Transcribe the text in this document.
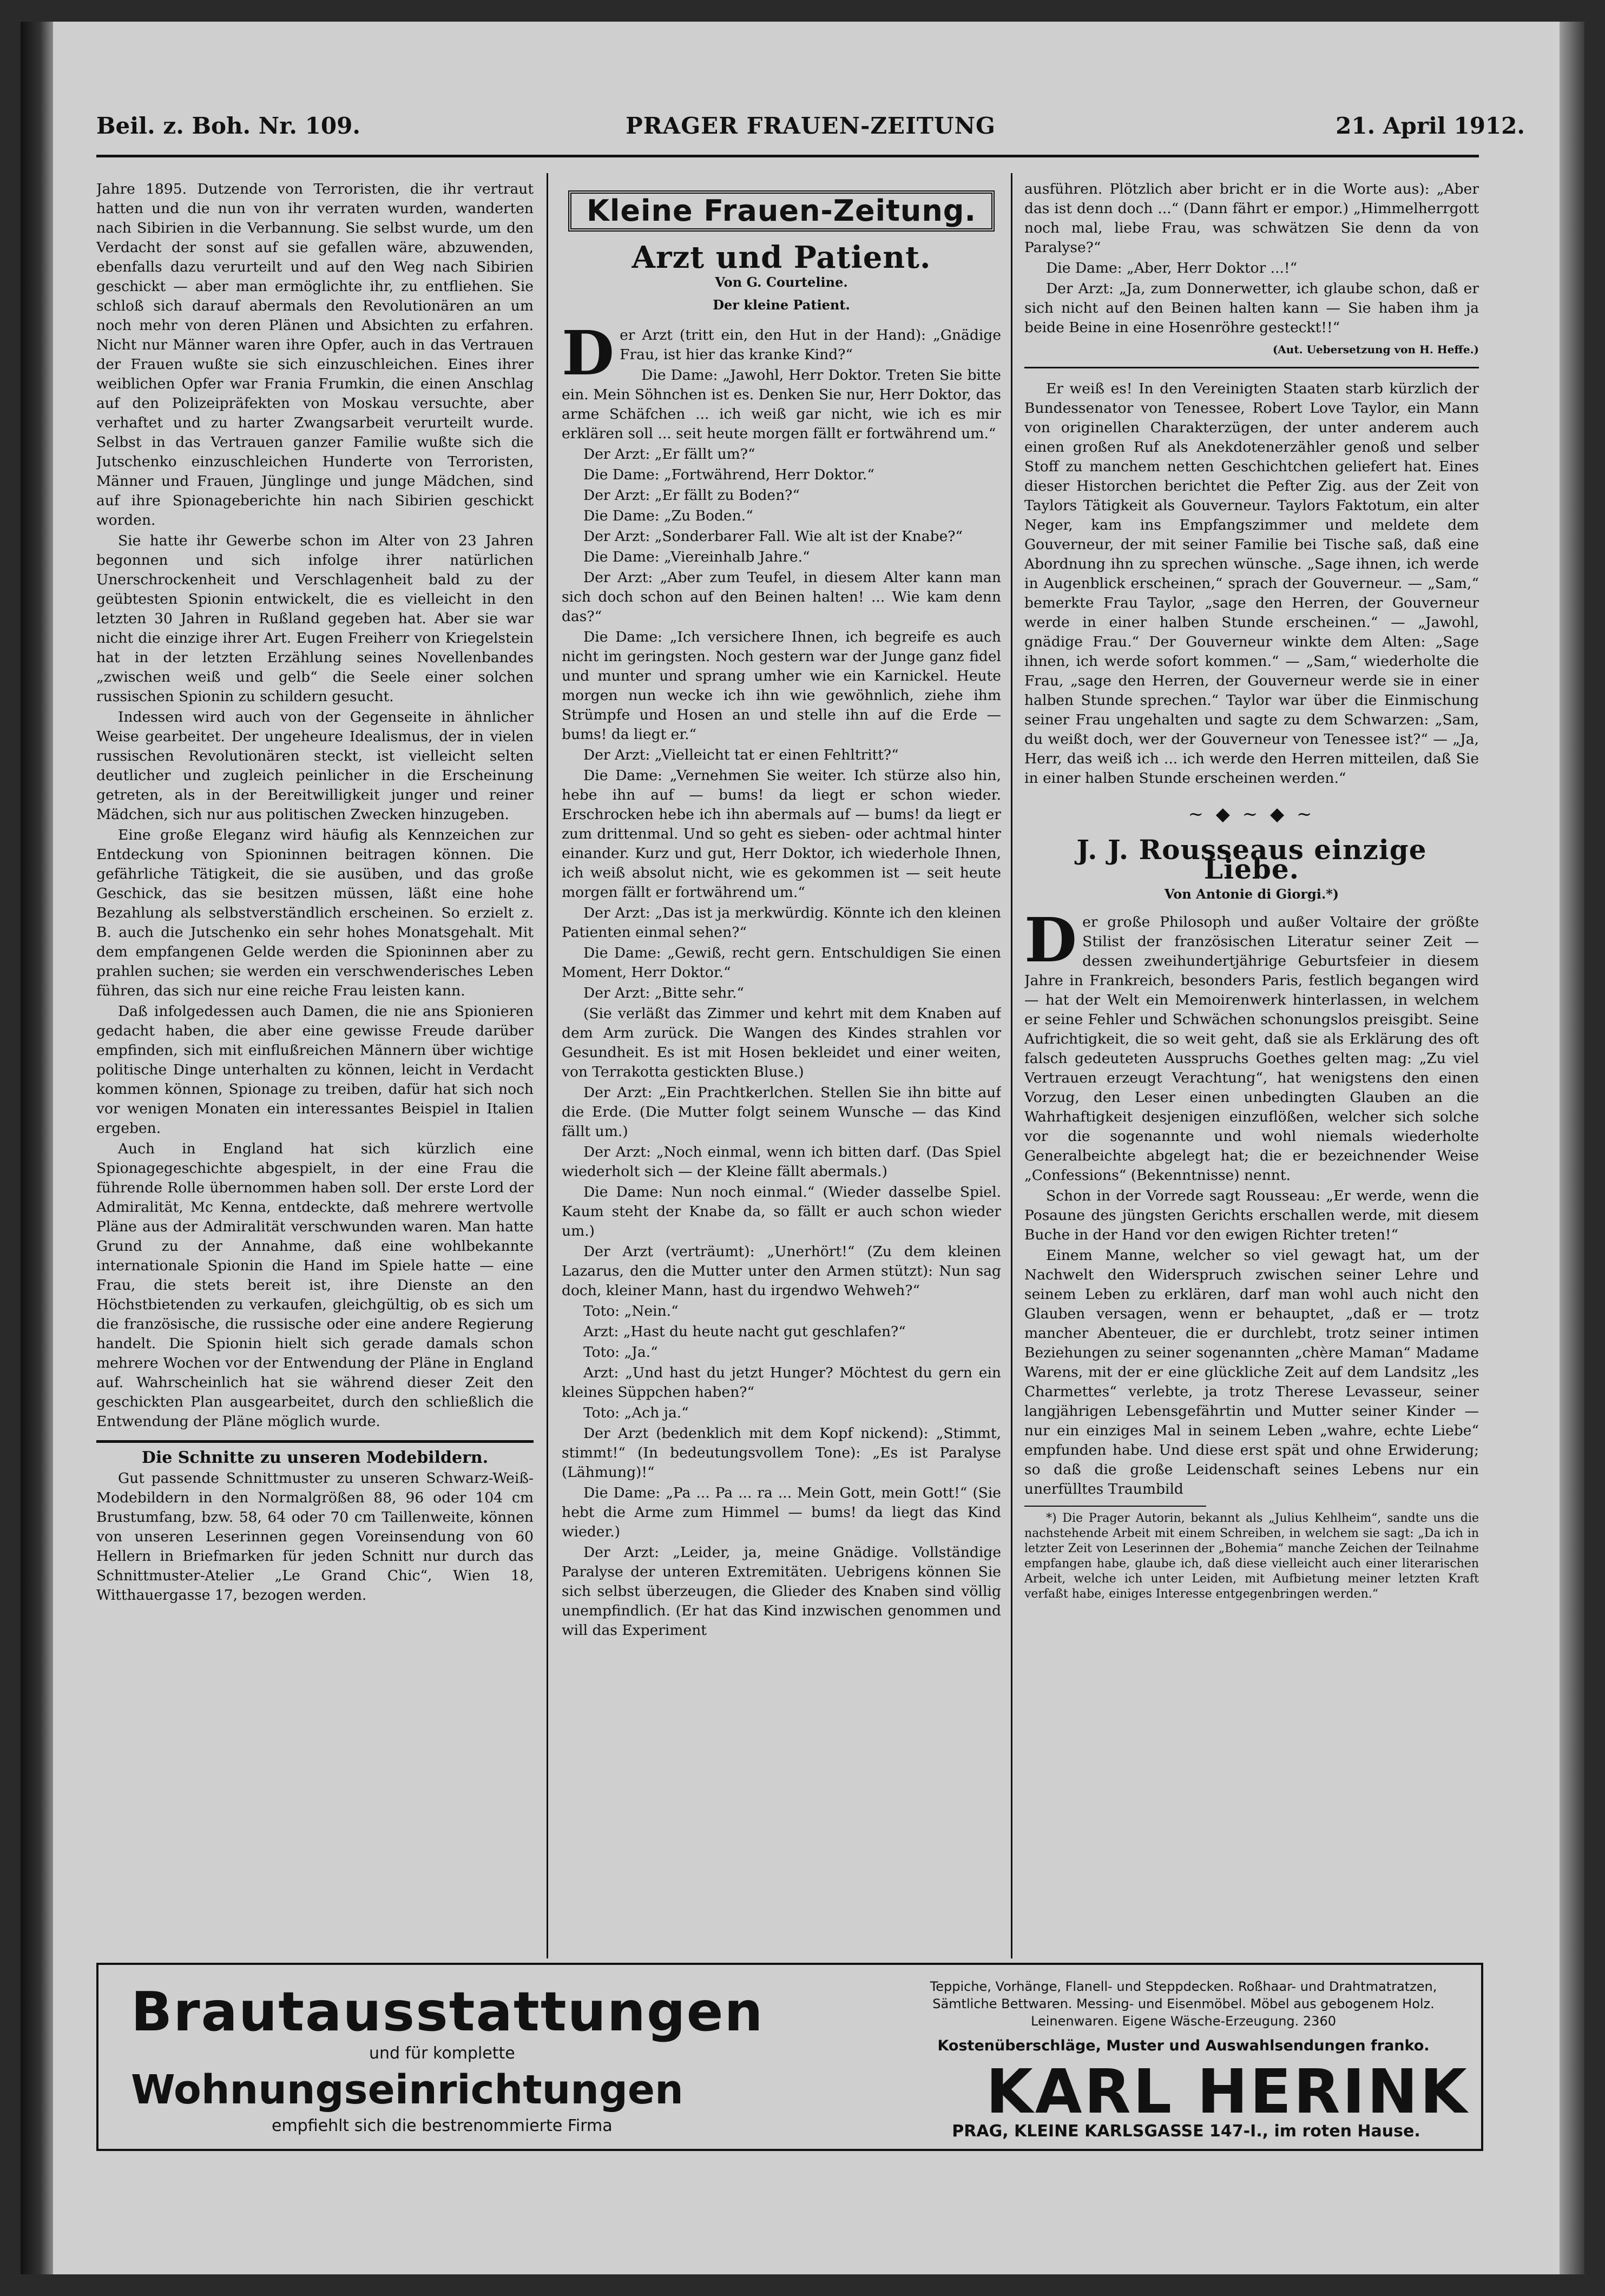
Beil. z. Boh. Nr. 109.	PRAGER FRAUEN-ZEITUNG	21. April 1912.

Jahre 1895. Dutzende von Terroristen, die ihr vertraut hatten und die nun von ihr verraten wurden, wanderten nach Sibirien in die Verbannung. Sie selbst wurde, um den Verdacht der sonst auf sie gefallen wäre, abzuwenden, ebenfalls dazu verurteilt und auf den Weg nach Sibirien geschickt — aber man ermöglichte ihr, zu entfliehen. Sie schloß sich darauf abermals den Revolutionären an um noch mehr von deren Plänen und Absichten zu erfahren. Nicht nur Männer waren ihre Opfer, auch in das Vertrauen der Frauen wußte sie sich einzuschleichen. Eines ihrer weiblichen Opfer war Frania Frumkin, die einen Anschlag auf den Polizeipräfekten von Moskau versuchte, aber verhaftet und zu harter Zwangsarbeit verurteilt wurde. Selbst in das Vertrauen ganzer Familie wußte sich die Jutschenko einzuschleichen Hunderte von Terroristen, Männer und Frauen, Jünglinge und junge Mädchen, sind auf ihre Spionageberichte hin nach Sibirien geschickt worden.

Sie hatte ihr Gewerbe schon im Alter von 23 Jahren begonnen und sich infolge ihrer natürlichen Unerschrockenheit und Verschlagenheit bald zu der geübtesten Spionin entwickelt, die es vielleicht in den letzten 30 Jahren in Rußland gegeben hat. Aber sie war nicht die einzige ihrer Art. Eugen Freiherr von Kriegelstein hat in der letzten Erzählung seines Novellenbandes „zwischen weiß und gelb“ die Seele einer solchen russischen Spionin zu schildern gesucht.

Indessen wird auch von der Gegenseite in ähnlicher Weise gearbeitet. Der ungeheure Idealismus, der in vielen russischen Revolutionären steckt, ist vielleicht selten deutlicher und zugleich peinlicher in die Erscheinung getreten, als in der Bereitwilligkeit junger und reiner Mädchen, sich nur aus politischen Zwecken hinzugeben.

Eine große Eleganz wird häufig als Kennzeichen zur Entdeckung von Spioninnen beitragen können. Die gefährliche Tätigkeit, die sie ausüben, und das große Geschick, das sie besitzen müssen, läßt eine hohe Bezahlung als selbstverständlich erscheinen. So erzielt z. B. auch die Jutschenko ein sehr hohes Monatsgehalt. Mit dem empfangenen Gelde werden die Spioninnen aber zu prahlen suchen; sie werden ein verschwenderisches Leben führen, das sich nur eine reiche Frau leisten kann.

Daß infolgedessen auch Damen, die nie ans Spionieren gedacht haben, die aber eine gewisse Freude darüber empfinden, sich mit einflußreichen Männern über wichtige politische Dinge unterhalten zu können, leicht in Verdacht kommen können, Spionage zu treiben, dafür hat sich noch vor wenigen Monaten ein interessantes Beispiel in Italien ergeben.

Auch in England hat sich kürzlich eine Spionagegeschichte abgespielt, in der eine Frau die führende Rolle übernommen haben soll. Der erste Lord der Admiralität, Mc Kenna, entdeckte, daß mehrere wertvolle Pläne aus der Admiralität verschwunden waren. Man hatte Grund zu der Annahme, daß eine wohlbekannte internationale Spionin die Hand im Spiele hatte — eine Frau, die stets bereit ist, ihre Dienste an den Höchstbietenden zu verkaufen, gleichgültig, ob es sich um die französische, die russische oder eine andere Regierung handelt. Die Spionin hielt sich gerade damals schon mehrere Wochen vor der Entwendung der Pläne in England auf. Wahrscheinlich hat sie während dieser Zeit den geschickten Plan ausgearbeitet, durch den schließlich die Entwendung der Pläne möglich wurde.

Die Schnitte zu unseren Modebildern.

Gut passende Schnittmuster zu unseren Schwarz-Weiß-Modebildern in den Normalgrößen 88, 96 oder 104 cm Brustumfang, bzw. 58, 64 oder 70 cm Taillenweite, können von unseren Leserinnen gegen Voreinsendung von 60 Hellern in Briefmarken für jeden Schnitt nur durch das Schnittmuster-Atelier „Le Grand Chic“, Wien 18, Witthauergasse 17, bezogen werden.

Kleine Frauen-Zeitung.
Arzt und Patient.
Von G. Courteline.
Der kleine Patient.
D er Arzt (tritt ein, den Hut in der Hand): „Gnädige Frau, ist hier das kranke Kind?“

Die Dame: „Jawohl, Herr Doktor. Treten Sie bitte ein. Mein Söhnchen ist es. Denken Sie nur, Herr Doktor, das arme Schäfchen ... ich weiß gar nicht, wie ich es mir erklären soll ... seit heute morgen fällt er fortwährend um.“

Der Arzt: „Er fällt um?“

Die Dame: „Fortwährend, Herr Doktor.“

Der Arzt: „Er fällt zu Boden?“

Die Dame: „Zu Boden.“

Der Arzt: „Sonderbarer Fall. Wie alt ist der Knabe?“

Die Dame: „Viereinhalb Jahre.“

Der Arzt: „Aber zum Teufel, in diesem Alter kann man sich doch schon auf den Beinen halten! ... Wie kam denn das?“

Die Dame: „Ich versichere Ihnen, ich begreife es auch nicht im geringsten. Noch gestern war der Junge ganz fidel und munter und sprang umher wie ein Karnickel. Heute morgen nun wecke ich ihn wie gewöhnlich, ziehe ihm Strümpfe und Hosen an und stelle ihn auf die Erde — bums! da liegt er.“

Der Arzt: „Vielleicht tat er einen Fehltritt?“

Die Dame: „Vernehmen Sie weiter. Ich stürze also hin, hebe ihn auf — bums! da liegt er schon wieder. Erschrocken hebe ich ihn abermals auf — bums! da liegt er zum drittenmal. Und so geht es sieben- oder achtmal hinter einander. Kurz und gut, Herr Doktor, ich wiederhole Ihnen, ich weiß absolut nicht, wie es gekommen ist — seit heute morgen fällt er fortwährend um.“

Der Arzt: „Das ist ja merkwürdig. Könnte ich den kleinen Patienten einmal sehen?“

Die Dame: „Gewiß, recht gern. Entschuldigen Sie einen Moment, Herr Doktor.“

Der Arzt: „Bitte sehr.“

(Sie verläßt das Zimmer und kehrt mit dem Knaben auf dem Arm zurück. Die Wangen des Kindes strahlen vor Gesundheit. Es ist mit Hosen bekleidet und einer weiten, von Terrakotta gestickten Bluse.)

Der Arzt: „Ein Prachtkerlchen. Stellen Sie ihn bitte auf die Erde. (Die Mutter folgt seinem Wunsche — das Kind fällt um.)

Der Arzt: „Noch einmal, wenn ich bitten darf. (Das Spiel wiederholt sich — der Kleine fällt abermals.)

Die Dame: Nun noch einmal.“ (Wieder dasselbe Spiel. Kaum steht der Knabe da, so fällt er auch schon wieder um.)

Der Arzt (verträumt): „Unerhört!“ (Zu dem kleinen Lazarus, den die Mutter unter den Armen stützt): Nun sag doch, kleiner Mann, hast du irgendwo Wehweh?“

Toto: „Nein.“

Arzt: „Hast du heute nacht gut geschlafen?“

Toto: „Ja.“

Arzt: „Und hast du jetzt Hunger? Möchtest du gern ein kleines Süppchen haben?“

Toto: „Ach ja.“

Der Arzt (bedenklich mit dem Kopf nickend): „Stimmt, stimmt!“ (In bedeutungsvollem Tone): „Es ist Paralyse (Lähmung)!“

Die Dame: „Pa ... Pa ... ra ... Mein Gott, mein Gott!“ (Sie hebt die Arme zum Himmel — bums! da liegt das Kind wieder.)

Der Arzt: „Leider, ja, meine Gnädige. Vollständige Paralyse der unteren Extremitäten. Uebrigens können Sie sich selbst überzeugen, die Glieder des Knaben sind völlig unempfindlich. (Er hat das Kind inzwischen genommen und will das Experiment

ausführen. Plötzlich aber bricht er in die Worte aus): „Aber das ist denn doch ...“ (Dann fährt er empor.) „Himmelherrgott noch mal, liebe Frau, was schwätzen Sie denn da von Paralyse?“

Die Dame: „Aber, Herr Doktor ...!“

Der Arzt: „Ja, zum Donnerwetter, ich glaube schon, daß er sich nicht auf den Beinen halten kann — Sie haben ihm ja beide Beine in eine Hosenröhre gesteckt!!“

(Aut. Uebersetzung von H. Heffe.)

Er weiß es! In den Vereinigten Staaten starb kürzlich der Bundessenator von Tenessee, Robert Love Taylor, ein Mann von originellen Charakterzügen, der unter anderem auch einen großen Ruf als Anekdotenerzähler genoß und selber Stoff zu manchem netten Geschichtchen geliefert hat. Eines dieser Historchen berichtet die Pefter Zig. aus der Zeit von Taylors Tätigkeit als Gouverneur. Taylors Faktotum, ein alter Neger, kam ins Empfangszimmer und meldete dem Gouverneur, der mit seiner Familie bei Tische saß, daß eine Abordnung ihn zu sprechen wünsche. „Sage ihnen, ich werde in Augenblick erscheinen,“ sprach der Gouverneur. — „Sam,“ bemerkte Frau Taylor, „sage den Herren, der Gouverneur werde in einer halben Stunde erscheinen.“ — „Jawohl, gnädige Frau.“ Der Gouverneur winkte dem Alten: „Sage ihnen, ich werde sofort kommen.“ — „Sam,“ wiederholte die Frau, „sage den Herren, der Gouverneur werde sie in einer halben Stunde sprechen.“ Taylor war über die Einmischung seiner Frau ungehalten und sagte zu dem Schwarzen: „Sam, du weißt doch, wer der Gouverneur von Tenessee ist?“ — „Ja, Herr, das weiß ich ... ich werde den Herren mitteilen, daß Sie in einer halben Stunde erscheinen werden.“

~ ◆ ~ ◆ ~
J. J. Rousseaus einzige Liebe.
Von Antonie di Giorgi.*)
D er große Philosoph und außer Voltaire der größte Stilist der französischen Literatur seiner Zeit — dessen zweihundertjährige Geburtsfeier in diesem Jahre in Frankreich, besonders Paris, festlich begangen wird — hat der Welt ein Memoirenwerk hinterlassen, in welchem er seine Fehler und Schwächen schonungslos preisgibt. Seine Aufrichtigkeit, die so weit geht, daß sie als Erklärung des oft falsch gedeuteten Ausspruchs Goethes gelten mag: „Zu viel Vertrauen erzeugt Verachtung“, hat wenigstens den einen Vorzug, den Leser einen unbedingten Glauben an die Wahrhaftigkeit desjenigen einzuflößen, welcher sich solche vor die sogenannte und wohl niemals wiederholte Generalbeichte abgelegt hat; die er bezeichnender Weise „Confessions“ (Bekenntnisse) nennt.

Schon in der Vorrede sagt Rousseau: „Er werde, wenn die Posaune des jüngsten Gerichts erschallen werde, mit diesem Buche in der Hand vor den ewigen Richter treten!“

Einem Manne, welcher so viel gewagt hat, um der Nachwelt den Widerspruch zwischen seiner Lehre und seinem Leben zu erklären, darf man wohl auch nicht den Glauben versagen, wenn er behauptet, „daß er — trotz mancher Abenteuer, die er durchlebt, trotz seiner intimen Beziehungen zu seiner sogenannten „chère Maman“ Madame Warens, mit der er eine glückliche Zeit auf dem Landsitz „les Charmettes“ verlebte, ja trotz Therese Levasseur, seiner langjährigen Lebensgefährtin und Mutter seiner Kinder — nur ein einziges Mal in seinem Leben „wahre, echte Liebe“ empfunden habe. Und diese erst spät und ohne Erwiderung; so daß die große Leidenschaft seines Lebens nur ein unerfülltes Traumbild

*) Die Prager Autorin, bekannt als „Julius Kehlheim“, sandte uns die nachstehende Arbeit mit einem Schreiben, in welchem sie sagt: „Da ich in letzter Zeit von Leserinnen der „Bohemia“ manche Zeichen der Teilnahme empfangen habe, glaube ich, daß diese vielleicht auch einer literarischen Arbeit, welche ich unter Leiden, mit Aufbietung meiner letzten Kraft verfaßt habe, einiges Interesse entgegenbringen werden.“

Brautausstattungen
und für komplette
Wohnungseinrichtungen
empfiehlt sich die bestrenommierte Firma
Teppiche, Vorhänge, Flanell- und Steppdecken. Roßhaar- und Drahtmatratzen, Sämtliche Bettwaren. Messing- und Eisenmöbel. Möbel aus gebogenem Holz. Leinenwaren. Eigene Wäsche-Erzeugung. 2360
Kostenüberschläge, Muster und Auswahlsendungen franko.
KARL HERINK
PRAG, KLEINE KARLSGASSE 147-I., im roten Hause.
